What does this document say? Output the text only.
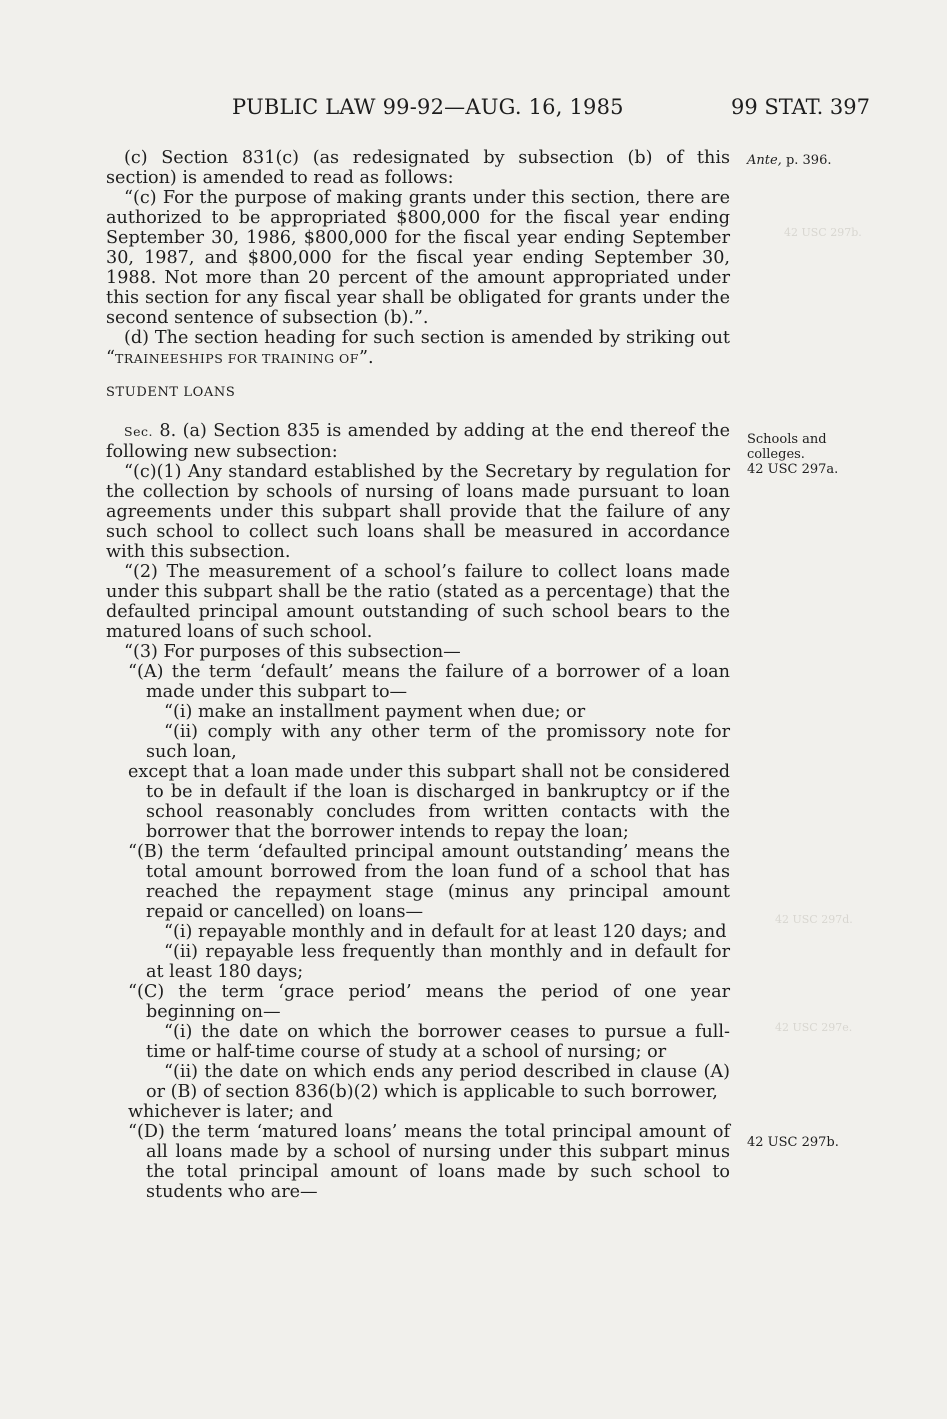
42 USC 297b.
42 USC 297d.
42 USC 297e.
PUBLIC LAW 99-92—AUG. 16, 1985	99 STAT. 397

(c) Section 831(c) (as redesignated by subsection (b) of this section) is amended to read as follows:

“(c) For the purpose of making grants under this section, there are authorized to be appropriated $800,000 for the fiscal year ending September 30, 1986, $800,000 for the fiscal year ending September 30, 1987, and $800,000 for the fiscal year ending September 30, 1988. Not more than 20 percent of the amount appropriated under this section for any fiscal year shall be obligated for grants under the second sentence of subsection (b).”.

(d) The section heading for such section is amended by striking out “TRAINEESHIPS FOR TRAINING OF”.

STUDENT LOANS

Sec. 8. (a) Section 835 is amended by adding at the end thereof the following new subsection:

“(c)(1) Any standard established by the Secretary by regulation for the collection by schools of nursing of loans made pursuant to loan agreements under this subpart shall provide that the failure of any such school to collect such loans shall be measured in accordance with this subsection.

“(2) The measurement of a school’s failure to collect loans made under this subpart shall be the ratio (stated as a percentage) that the defaulted principal amount outstanding of such school bears to the matured loans of such school.

“(3) For purposes of this subsection—

“(A) the term ‘default’ means the failure of a borrower of a loan made under this subpart to—

“(i) make an installment payment when due; or

“(ii) comply with any other term of the promissory note for such loan,

except that a loan made under this subpart shall not be considered to be in default if the loan is discharged in bankruptcy or if the school reasonably concludes from written contacts with the borrower that the borrower intends to repay the loan;

“(B) the term ‘defaulted principal amount outstanding’ means the total amount borrowed from the loan fund of a school that has reached the repayment stage (minus any principal amount repaid or cancelled) on loans—

“(i) repayable monthly and in default for at least 120 days; and

“(ii) repayable less frequently than monthly and in default for at least 180 days;

“(C) the term ‘grace period’ means the period of one year beginning on—

“(i) the date on which the borrower ceases to pursue a full-time or half-time course of study at a school of nursing; or

“(ii) the date on which ends any period described in clause (A) or (B) of section 836(b)(2) which is applicable to such borrower,

whichever is later; and

“(D) the term ‘matured loans’ means the total principal amount of all loans made by a school of nursing under this subpart minus the total principal amount of loans made by such school to students who are—

Ante, p. 396.
Schools and
colleges.
42 USC 297a.
42 USC 297b.
